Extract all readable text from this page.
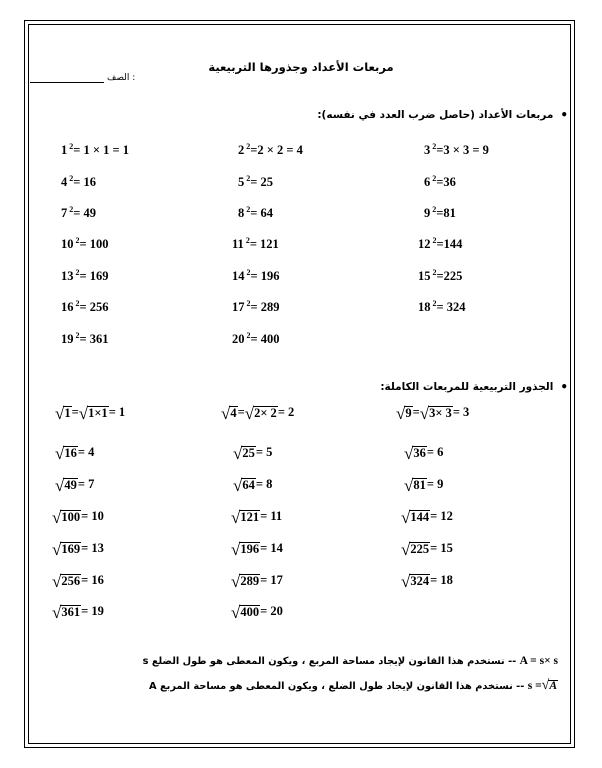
مربعات الأعداد وجذورها التربيعية
الصف :
•
مربعات الأعداد (حاصل ضرب العدد في نفسه):
1 $^2$= 1 × 1 = 1	2 $^2$=2 × 2 = 4	3 $^2$=3 × 3 = 9
4 $^2$= 16	5 $^2$= 25	6 $^2$=36
7 $^2$= 49	8 $^2$= 64	9 $^2$=81
10 $^2$= 100	11 $^2$= 121	12 $^2$=144
13 $^2$= 169	14 $^2$= 196	15 $^2$=225
16 $^2$= 256	17 $^2$= 289	18 $^2$= 324
19 $^2$= 361	20 $^2$= 400
•
الجذور التربيعية للمربعات الكاملة:
√ 1 = √ 1×1 = 1	√ 4 = √ 2× 2 = 2	√ 9 = √ 3× 3 = 3
√ 16 = 4	√ 25 = 5	√ 36 = 6
√ 49 = 7	√ 64 = 8	√ 81 = 9
√ 100 = 10	√ 121 = 11	√ 144 = 12
√ 169 = 13	√ 196 = 14	√ 225 = 15
√ 256 = 16	√ 289 = 17	√ 324 = 18
√ 361 = 19	√ 400 = 20
A = s× s -- نستخدم هذا القانون لإيجاد مساحة المربع ، ويكون المعطى هو طول الضلع s
s = √ A
-- نستخدم هذا القانون لإيجاد طول الضلع ، ويكون المعطى هو مساحة المربع A
